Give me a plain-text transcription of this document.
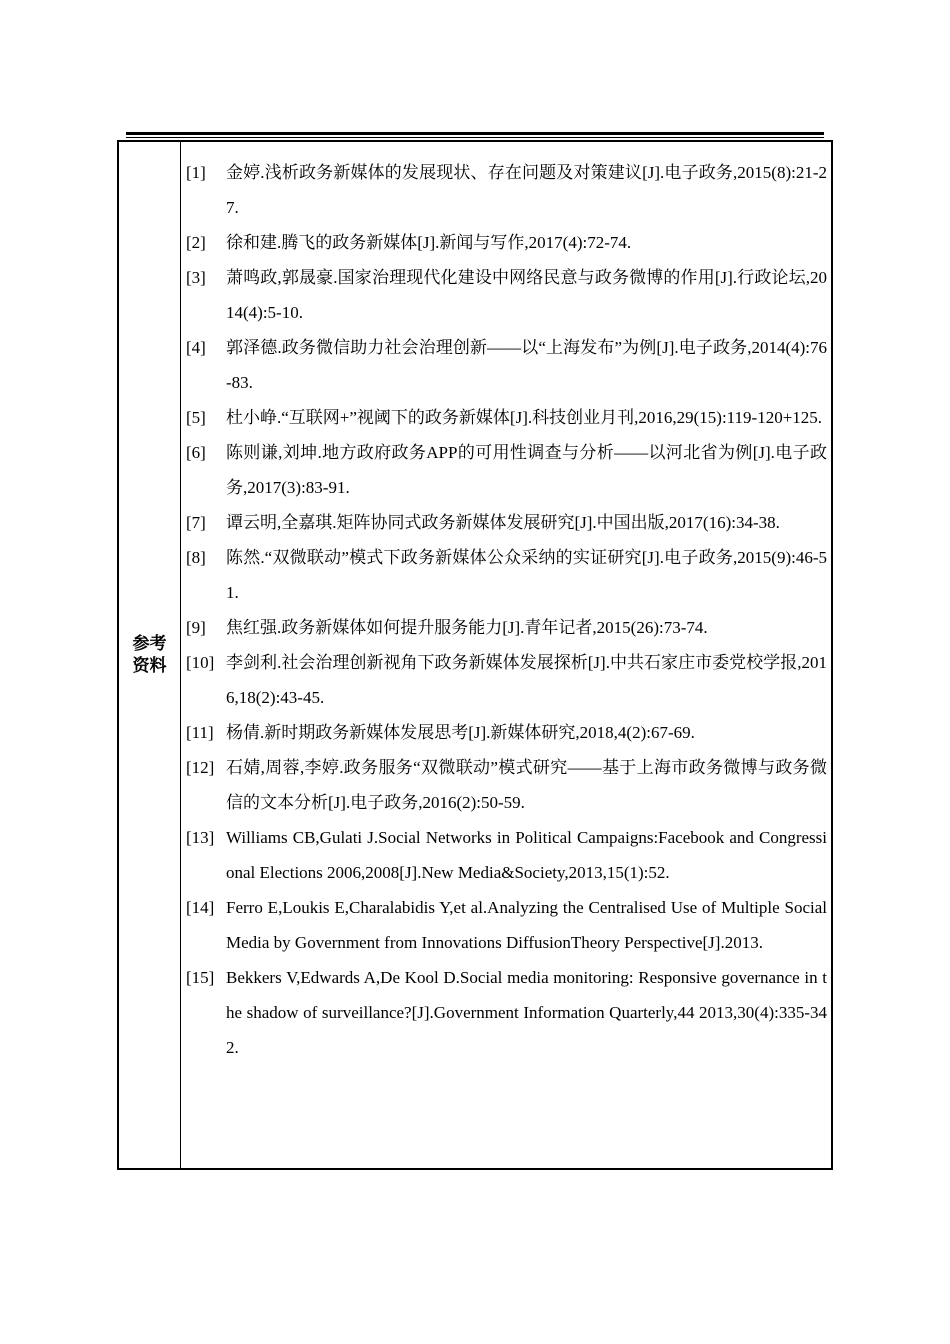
参考资料
[1] 金婷.浅析政务新媒体的发展现状、存在问题及对策建议[J].电子政务,2015(8):21-27.
[2] 徐和建.腾飞的政务新媒体[J].新闻与写作,2017(4):72-74.
[3] 萧鸣政,郭晟豪.国家治理现代化建设中网络民意与政务微博的作用[J].行政论坛,2014(4):5-10.
[4] 郭泽德.政务微信助力社会治理创新——以“上海发布”为例[J].电子政务,2014(4):76-83.
[5] 杜小峥.“互联网+”视阈下的政务新媒体[J].科技创业月刊,2016,29(15):119-120+125.
[6] 陈则谦,刘坤.地方政府政务APP的可用性调查与分析——以河北省为例[J].电子政务,2017(3):83-91.
[7] 谭云明,全嘉琪.矩阵协同式政务新媒体发展研究[J].中国出版,2017(16):34-38.
[8] 陈然.“双微联动”模式下政务新媒体公众采纳的实证研究[J].电子政务,2015(9):46-51.
[9] 焦红强.政务新媒体如何提升服务能力[J].青年记者,2015(26):73-74.
[10] 李剑利.社会治理创新视角下政务新媒体发展探析[J].中共石家庄市委党校学报,2016,18(2):43-45.
[11] 杨倩.新时期政务新媒体发展思考[J].新媒体研究,2018,4(2):67-69.
[12] 石婧,周蓉,李婷.政务服务“双微联动”模式研究——基于上海市政务微博与政务微信的文本分析[J].电子政务,2016(2):50-59.
[13] Williams CB,Gulati J.Social Networks in Political Campaigns:Facebook and Congressional Elections 2006,2008[J].New Media&Society,2013,15(1):52.
[14] Ferro E,Loukis E,Charalabidis Y,et al.Analyzing the Centralised Use of Multiple Social Media by Government from Innovations DiffusionTheory Perspective[J].2013.
[15] Bekkers V,Edwards A,De Kool D.Social media monitoring: Responsive governance in the shadow of surveillance?[J].Government Information Quarterly,44 2013,30(4):335-342.
